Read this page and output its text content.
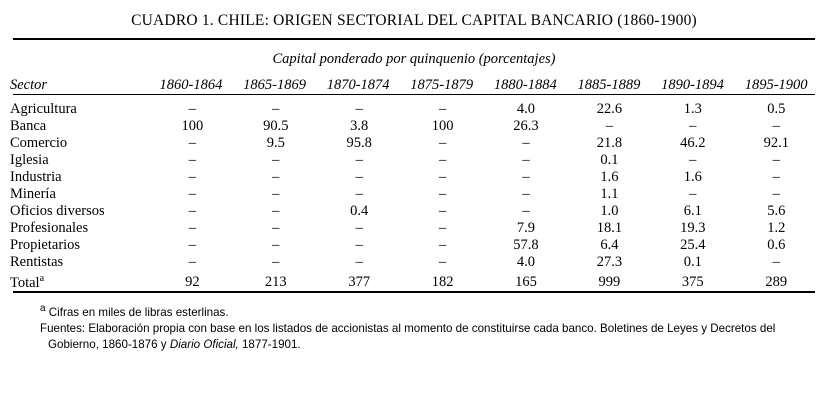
CUADRO 1. CHILE: ORIGEN SECTORIAL DEL CAPITAL BANCARIO (1860-1900)
Capital ponderado por quinquenio (porcentajes)
Sector	1860-1864	1865-1869	1870-1874	1875-1879	1880-1884	1885-1889	1890-1894	1895-1900

Agricultura	–	–	–	–	4.0	22.6	1.3	0.5
Banca	100	90.5	3.8	100	26.3	–	–	–
Comercio	–	9.5	95.8	–	–	21.8	46.2	92.1
Iglesia	–	–	–	–	–	0.1	–	–
Industria	–	–	–	–	–	1.6	1.6	–
Minería	–	–	–	–	–	1.1	–	–
Oficios diversos	–	–	0.4	–	–	1.0	6.1	5.6
Profesionales	–	–	–	–	7.9	18.1	19.3	1.2
Propietarios	–	–	–	–	57.8	6.4	25.4	0.6
Rentistas	–	–	–	–	4.0	27.3	0.1	–
Total$^a$	92	213	377	182	165	999	375	289
a Cifras en miles de libras esterlinas.
Fuentes: Elaboración propia con base en los listados de accionistas al momento de constituirse cada banco. Boletines de Leyes y Decretos del Gobierno, 1860-1876 y Diario Oficial, 1877-1901.
